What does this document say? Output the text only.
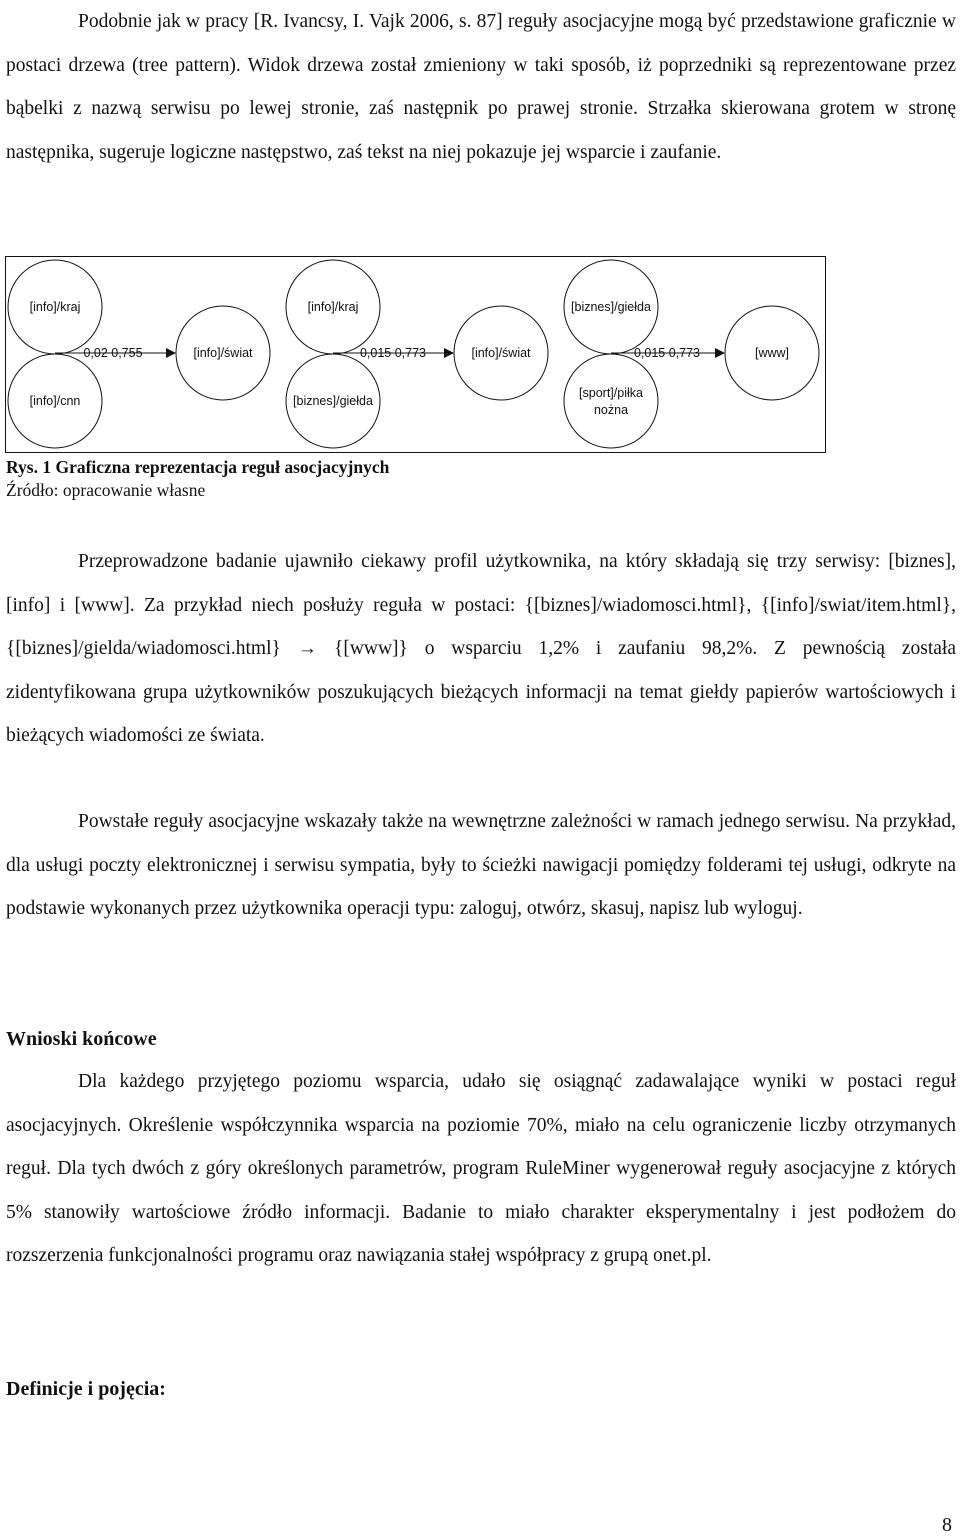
Podobnie jak w pracy [R. Ivancsy, I. Vajk 2006, s. 87] reguły asocjacyjne mogą być przedstawione graficznie w postaci drzewa (tree pattern). Widok drzewa został zmieniony w taki sposób, iż poprzedniki są reprezentowane przez bąbelki z nazwą serwisu po lewej stronie, zaś następnik po prawej stronie. Strzałka skierowana grotem w stronę następnika, sugeruje logiczne następstwo, zaś tekst na niej pokazuje jej wsparcie i zaufanie.

[info]/kraj
[info]/cnn
[info]/świat
0,02 0,755
[info]/kraj
[biznes]/giełda
[info]/świat
0,015 0,773
[biznes]/giełda
[sport]/piłka
nożna
[www]
0,015 0,773

Rys. 1 Graficzna reprezentacja reguł asocjacyjnych
Źródło: opracowanie własne

Przeprowadzone badanie ujawniło ciekawy profil użytkownika, na który składają się trzy serwisy: [biznes], [info] i [www]. Za przykład niech posłuży reguła w postaci: {[biznes]/wiadomosci.html}, {[info]/swiat/item.html}, {[biznes]/gielda/wiadomosci.html} → {[www]} o wsparciu 1,2% i zaufaniu 98,2%. Z pewnością została zidentyfikowana grupa użytkowników poszukujących bieżących informacji na temat giełdy papierów wartościowych i bieżących wiadomości ze świata.

Powstałe reguły asocjacyjne wskazały także na wewnętrzne zależności w ramach jednego serwisu. Na przykład, dla usługi poczty elektronicznej i serwisu sympatia, były to ścieżki nawigacji pomiędzy folderami tej usługi, odkryte na podstawie wykonanych przez użytkownika operacji typu: zaloguj, otwórz, skasuj, napisz lub wyloguj.

Wnioski końcowe

Dla każdego przyjętego poziomu wsparcia, udało się osiągnąć zadawalające wyniki w postaci reguł asocjacyjnych. Określenie współczynnika wsparcia na poziomie 70%, miało na celu ograniczenie liczby otrzymanych reguł. Dla tych dwóch z góry określonych parametrów, program RuleMiner wygenerował reguły asocjacyjne z których 5% stanowiły wartościowe źródło informacji. Badanie to miało charakter eksperymentalny i jest podłożem do rozszerzenia funkcjonalności programu oraz nawiązania stałej współpracy z grupą onet.pl.

Definicje i pojęcia:

8
